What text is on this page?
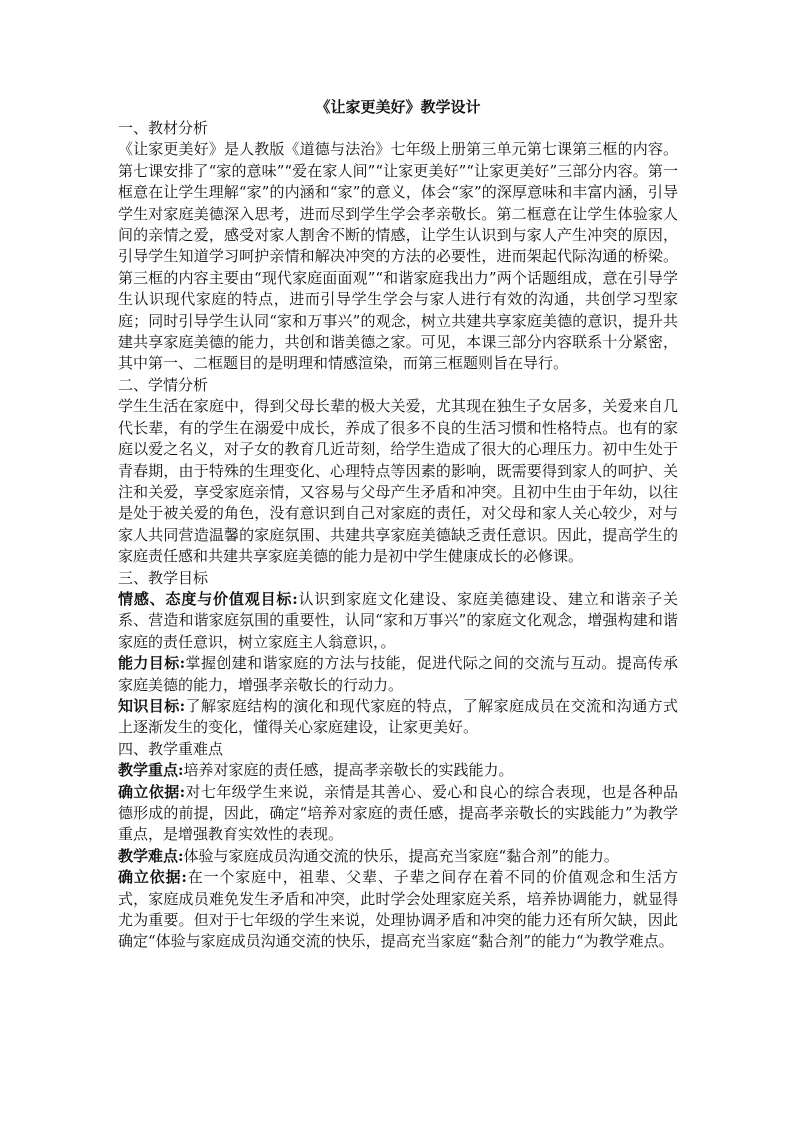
《让家更美好》教学设计

一、教材分析

《让家更美好》是人教版《道德与法治》七年级上册第三单元第七课第三框的内容。第七课安排了“家的意味”“爱在家人间”“让家更美好”“让家更美好”三部分内容。第一框意在让学生理解“家”的内涵和“家”的意义，体会“家”的深厚意味和丰富内涵，引导学生对家庭美德深入思考，进而尽到学生学会孝亲敬长。第二框意在让学生体验家人间的亲情之爱，感受对家人割舍不断的情感，让学生认识到与家人产生冲突的原因，引导学生知道学习呵护亲情和解决冲突的方法的必要性，进而架起代际沟通的桥梁。第三框的内容主要由“现代家庭面面观”“和谐家庭我出力”两个话题组成，意在引导学生认识现代家庭的特点，进而引导学生学会与家人进行有效的沟通，共创学习型家庭；同时引导学生认同“家和万事兴”的观念，树立共建共享家庭美德的意识，提升共建共享家庭美德的能力，共创和谐美德之家。可见，本课三部分内容联系十分紧密，其中第一、二框题目的是明理和情感渲染，而第三框题则旨在导行。

二、学情分析

学生生活在家庭中，得到父母长辈的极大关爱，尤其现在独生子女居多，关爱来自几代长辈，有的学生在溺爱中成长，养成了很多不良的生活习惯和性格特点。也有的家庭以爱之名义，对子女的教育几近苛刻，给学生造成了很大的心理压力。初中生处于青春期，由于特殊的生理变化、心理特点等因素的影响，既需要得到家人的呵护、关注和关爱，享受家庭亲情，又容易与父母产生矛盾和冲突。且初中生由于年幼，以往是处于被关爱的角色，没有意识到自己对家庭的责任，对父母和家人关心较少，对与家人共同营造温馨的家庭氛围、共建共享家庭美德缺乏责任意识。因此，提高学生的家庭责任感和共建共享家庭美德的能力是初中学生健康成长的必修课。

三、教学目标

情感、态度与价值观目标:认识到家庭文化建设、家庭美德建设、建立和谐亲子关系、营造和谐家庭氛围的重要性，认同“家和万事兴”的家庭文化观念，增强构建和谐家庭的责任意识，树立家庭主人翁意识，。

能力目标:掌握创建和谐家庭的方法与技能，促进代际之间的交流与互动。提高传承家庭美德的能力，增强孝亲敬长的行动力。

知识目标:了解家庭结构的演化和现代家庭的特点，了解家庭成员在交流和沟通方式上逐渐发生的变化，懂得关心家庭建设，让家更美好。

四、教学重难点

教学重点:培养对家庭的责任感，提高孝亲敬长的实践能力。

确立依据:对七年级学生来说，亲情是其善心、爱心和良心的综合表现，也是各种品德形成的前提，因此，确定“培养对家庭的责任感，提高孝亲敬长的实践能力”为教学重点，是增强教育实效性的表现。

教学难点:体验与家庭成员沟通交流的快乐，提高充当家庭“黏合剂”的能力。

确立依据:在一个家庭中，祖辈、父辈、子辈之间存在着不同的价值观念和生活方式，家庭成员难免发生矛盾和冲突，此时学会处理家庭关系，培养协调能力，就显得尤为重要。但对于七年级的学生来说，处理协调矛盾和冲突的能力还有所欠缺，因此确定“体验与家庭成员沟通交流的快乐，提高充当家庭“黏合剂”的能力“为教学难点。
